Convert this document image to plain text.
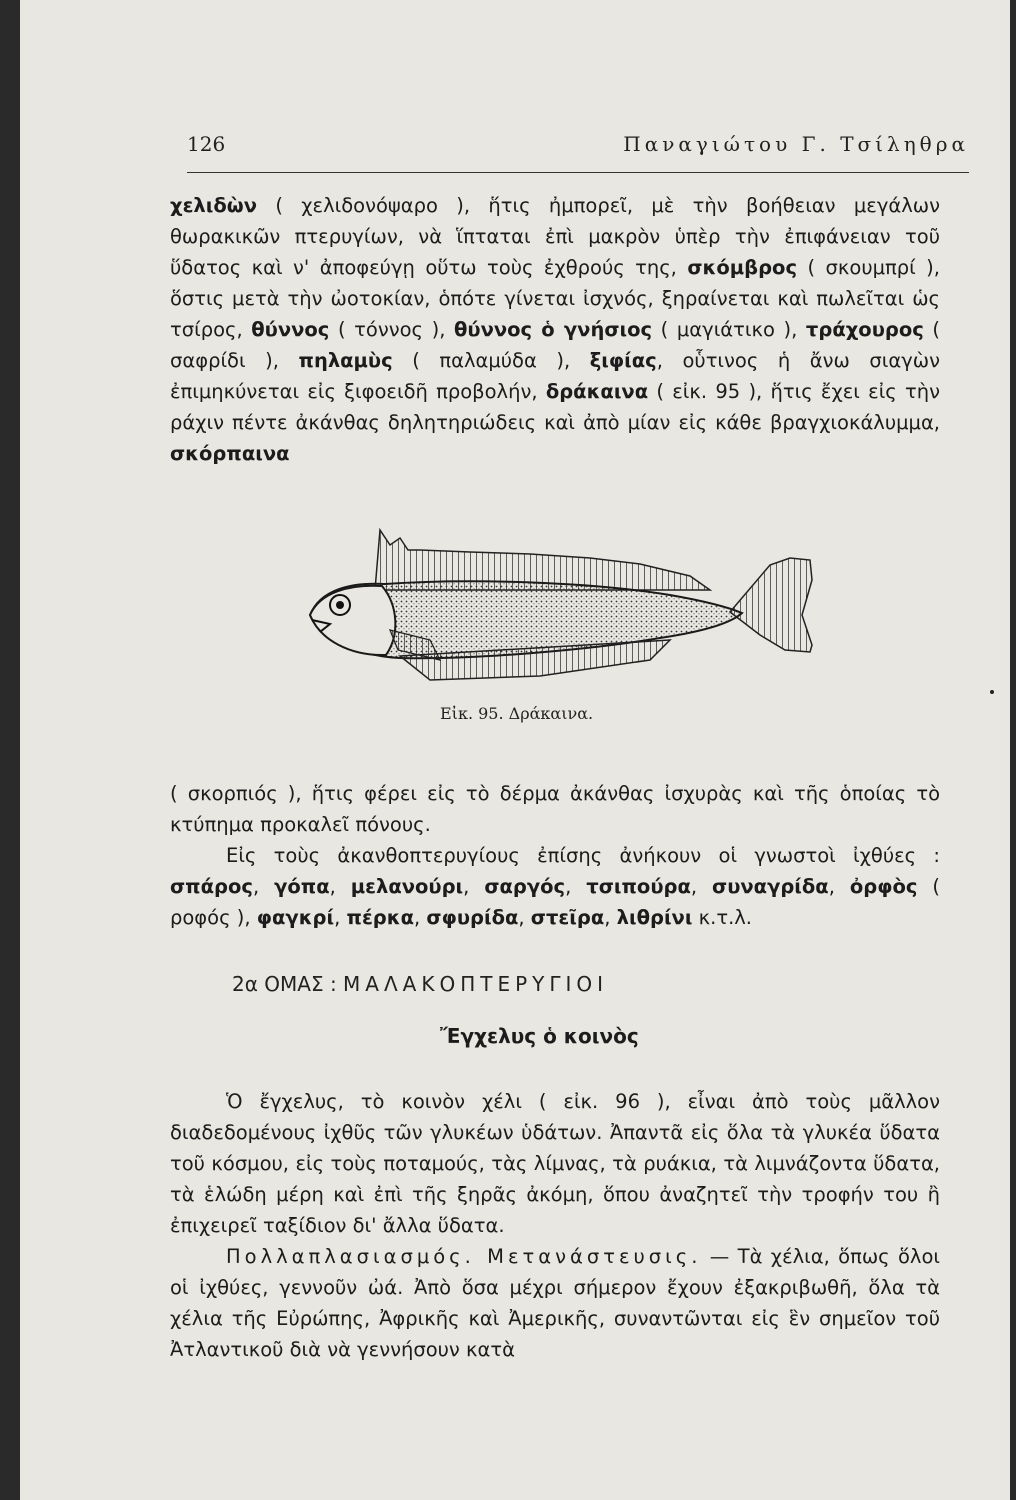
126	Παναγιώτου Γ. Τσίληθρα

χελιδὼν ( χελιδονόψαρο ), ἥτις ἠμπορεῖ, μὲ τὴν βοήθειαν μεγάλων θωρακικῶν πτερυγίων, νὰ ἵπταται ἐπὶ μακρὸν ὑπὲρ τὴν ἐπιφάνειαν τοῦ ὕδατος καὶ ν' ἀποφεύγῃ οὕτω τοὺς ἐχθρούς της, σκόμβρος ( σκουμπρί ), ὅστις μετὰ τὴν ὠοτοκίαν, ὁπότε γίνεται ἰσχνός, ξηραίνεται καὶ πωλεῖται ὡς τσίρος, θύννος ( τόννος ), θύννος ὁ γνήσιος ( μαγιάτικο ), τράχουρος ( σαφρίδι ), πηλαμὺς ( παλαμύδα ), ξιφίας, οὗτινος ἡ ἄνω σιαγὼν ἐπιμηκύνεται εἰς ξιφοειδῆ προβολήν, δράκαινα ( εἰκ. 95 ), ἥτις ἔχει εἰς τὴν ράχιν πέντε ἀκάνθας δηλητηριώδεις καὶ ἀπὸ μίαν εἰς κάθε βραγχιοκάλυμμα, σκόρπαινα

Εἰκ. 95. Δράκαινα.

( σκορπιός ), ἥτις φέρει εἰς τὸ δέρμα ἀκάνθας ἰσχυρὰς καὶ τῆς ὁποίας τὸ κτύπημα προκαλεῖ πόνους.

Εἰς τοὺς ἀκανθοπτερυγίους ἐπίσης ἀνήκουν οἱ γνωστοὶ ἰχθύες : σπάρος, γόπα, μελανούρι, σαργός, τσιπούρα, συναγρίδα, ὀρφὸς ( ροφός ), φαγκρί, πέρκα, σφυρίδα, στεῖρα, λιθρίνι κ.τ.λ.

2α ΟΜΑΣ : ΜΑΛΑΚΟΠΤΕΡΥΓΙΟΙ
Ἔγχελυς ὁ κοινὸς

Ὁ ἔγχελυς, τὸ κοινὸν χέλι ( εἰκ. 96 ), εἶναι ἀπὸ τοὺς μᾶλλον διαδεδομένους ἰχθῦς τῶν γλυκέων ὑδάτων. Ἀπαντᾶ εἰς ὅλα τὰ γλυκέα ὕδατα τοῦ κόσμου, εἰς τοὺς ποταμούς, τὰς λίμνας, τὰ ρυάκια, τὰ λιμνάζοντα ὕδατα, τὰ ἑλώδη μέρη καὶ ἐπὶ τῆς ξηρᾶς ἀκόμη, ὅπου ἀναζητεῖ τὴν τροφήν του ἢ ἐπιχειρεῖ ταξίδιον δι' ἄλλα ὕδατα.

Πολλαπλασιασμός. Μετανάστευσις. — Τὰ χέλια, ὅπως ὅλοι οἱ ἰχθύες, γεννοῦν ὠά. Ἀπὸ ὅσα μέχρι σήμερον ἔχουν ἐξακριβωθῆ, ὅλα τὰ χέλια τῆς Εὐρώπης, Ἀφρικῆς καὶ Ἀμερικῆς, συναντῶνται εἰς ἓν σημεῖον τοῦ Ἀτλαντικοῦ διὰ νὰ γεννήσουν κατὰ
